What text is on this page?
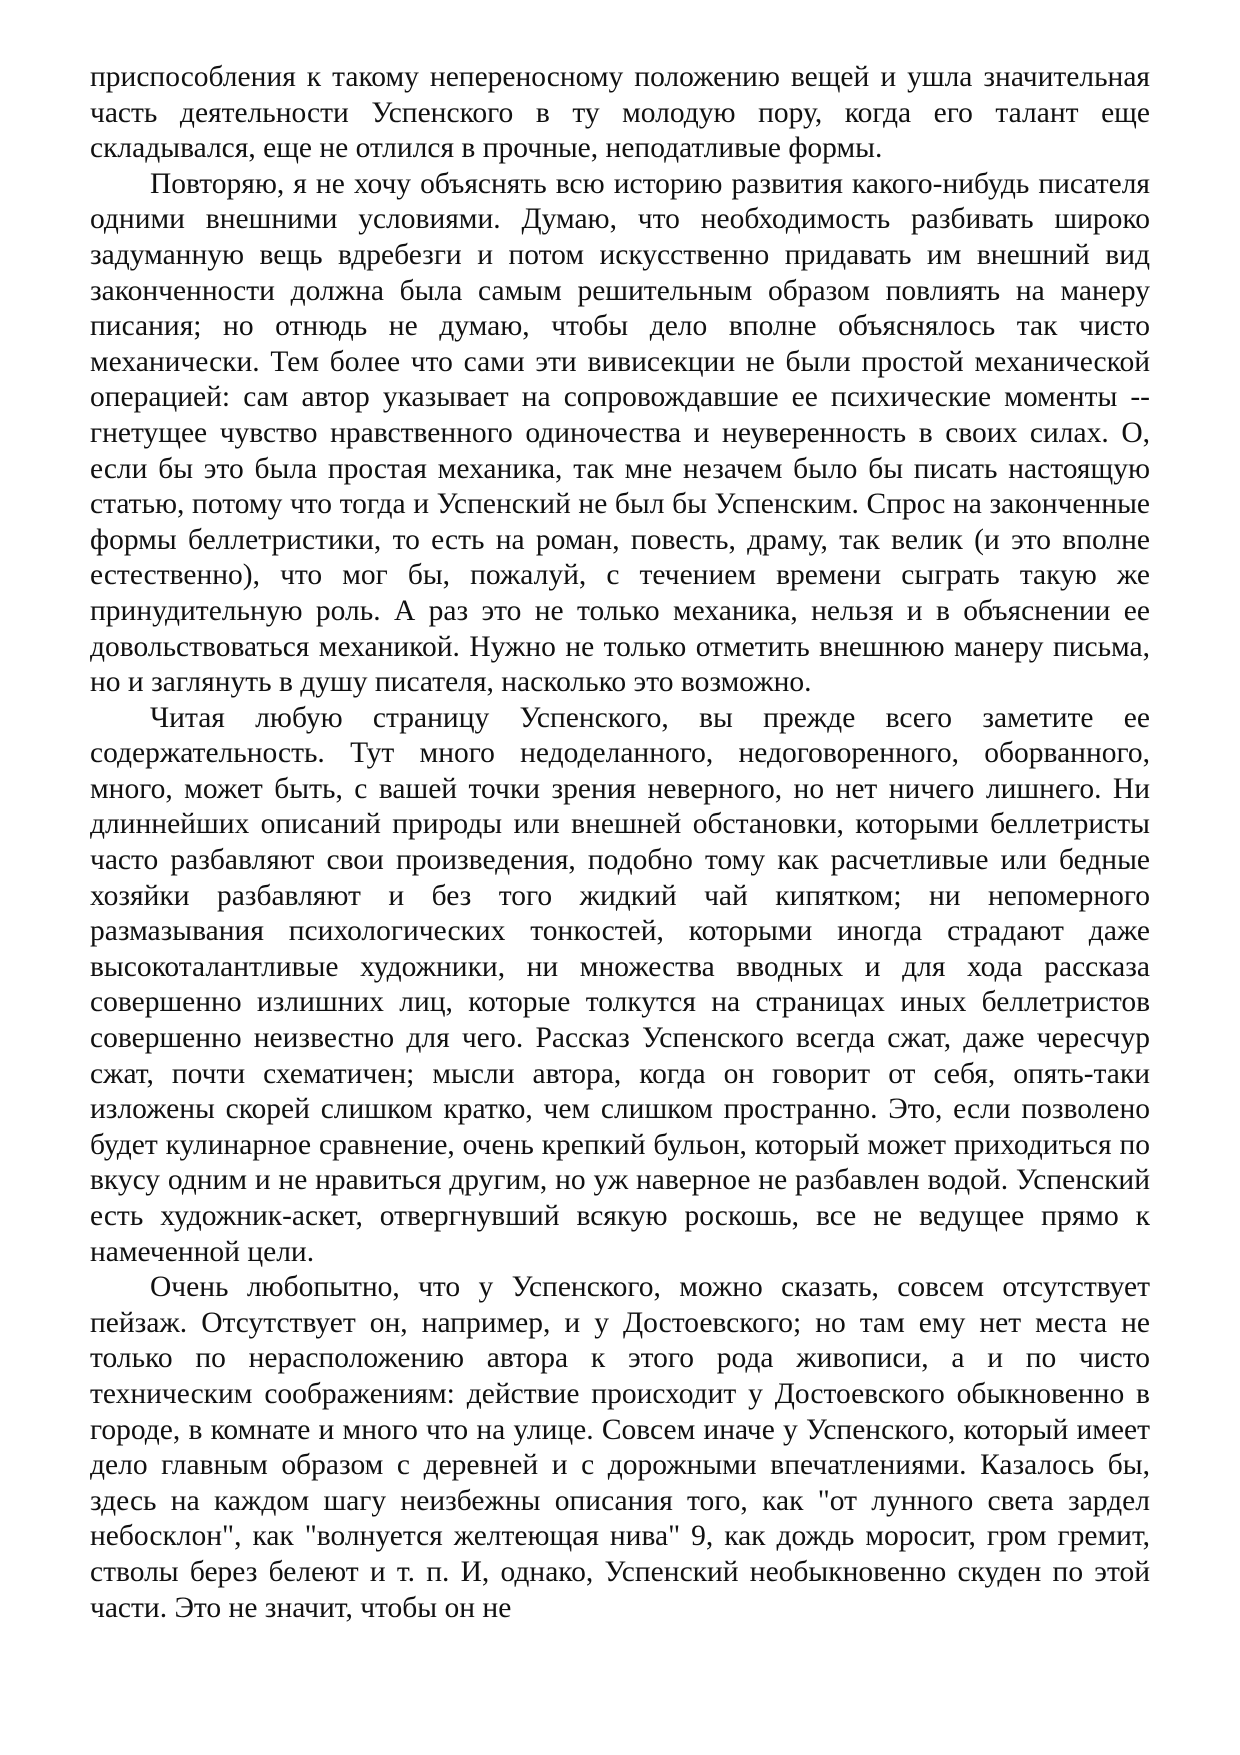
приспособления к такому непереносному положению вещей и ушла значительная часть деятельности Успенского в ту молодую пору, когда его талант еще складывался, еще не отлился в прочные, неподатливые формы.

Повторяю, я не хочу объяснять всю историю развития какого-нибудь писателя одними внешними условиями. Думаю, что необходимость разбивать широко задуманную вещь вдребезги и потом искусственно придавать им внешний вид законченности должна была самым решительным образом повлиять на манеру писания; но отнюдь не думаю, чтобы дело вполне объяснялось так чисто механически. Тем более что сами эти вивисекции не были простой механической операцией: сам автор указывает на сопровождавшие ее психические моменты -- гнетущее чувство нравственного одиночества и неуверенность в своих силах. О, если бы это была простая механика, так мне незачем было бы писать настоящую статью, потому что тогда и Успенский не был бы Успенским. Спрос на законченные формы беллетристики, то есть на роман, повесть, драму, так велик (и это вполне естественно), что мог бы, пожалуй, с течением времени сыграть такую же принудительную роль. А раз это не только механика, нельзя и в объяснении ее довольствоваться механикой. Нужно не только отметить внешнюю манеру письма, но и заглянуть в душу писателя, насколько это возможно.

Читая любую страницу Успенского, вы прежде всего заметите ее содержательность. Тут много недоделанного, недоговоренного, оборванного, много, может быть, с вашей точки зрения неверного, но нет ничего лишнего. Ни длиннейших описаний природы или внешней обстановки, которыми беллетристы часто разбавляют свои произведения, подобно тому как расчетливые или бедные хозяйки разбавляют и без того жидкий чай кипятком; ни непомерного размазывания психологических тонкостей, которыми иногда страдают даже высокоталантливые художники, ни множества вводных и для хода рассказа совершенно излишних лиц, которые толкутся на страницах иных беллетристов совершенно неизвестно для чего. Рассказ Успенского всегда сжат, даже чересчур сжат, почти схематичен; мысли автора, когда он говорит от себя, опять-таки изложены скорей слишком кратко, чем слишком пространно. Это, если позволено будет кулинарное сравнение, очень крепкий бульон, который может приходиться по вкусу одним и не нравиться другим, но уж наверное не разбавлен водой. Успенский есть художник-аскет, отвергнувший всякую роскошь, все не ведущее прямо к намеченной цели.

Очень любопытно, что у Успенского, можно сказать, совсем отсутствует пейзаж. Отсутствует он, например, и у Достоевского; но там ему нет места не только по нерасположению автора к этого рода живописи, а и по чисто техническим соображениям: действие происходит у Достоевского обыкновенно в городе, в комнате и много что на улице. Совсем иначе у Успенского, который имеет дело главным образом с деревней и с дорожными впечатлениями. Казалось бы, здесь на каждом шагу неизбежны описания того, как "от лунного света зардел небосклон", как "волнуется желтеющая нива" 9, как дождь моросит, гром гремит, стволы берез белеют и т. п. И, однако, Успенский необыкновенно скуден по этой части. Это не значит, чтобы он не
